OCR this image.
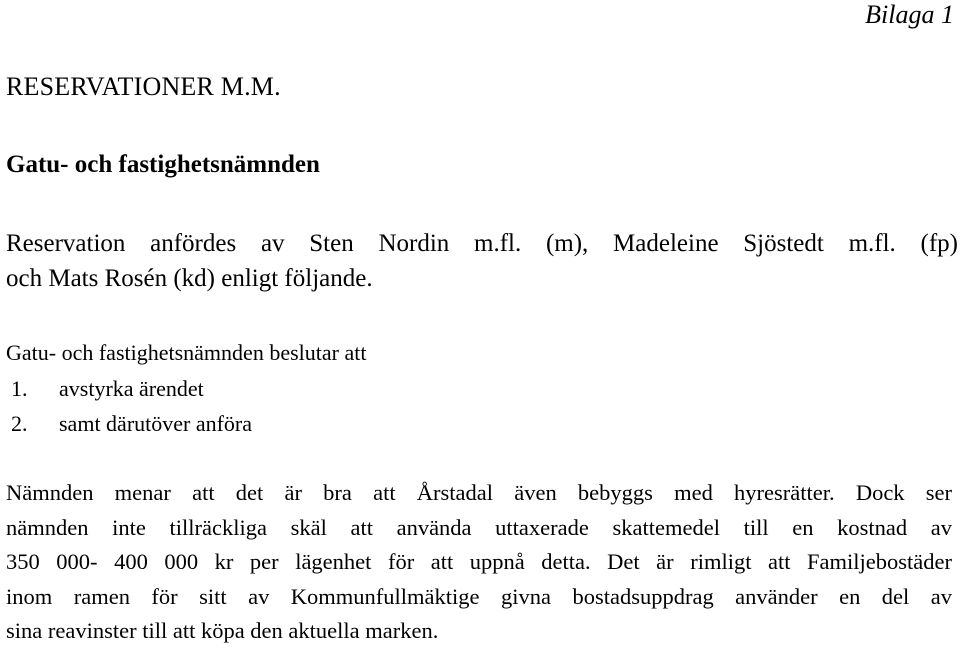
Bilaga 1
RESERVATIONER M.M.
Gatu- och fastighetsnämnden
Reservation anfördes av Sten Nordin m.fl. (m), Madeleine Sjöstedt m.fl. (fp)
och Mats Rosén (kd) enligt följande.
Gatu- och fastighetsnämnden beslutar att
1.	avstyrka ärendet
2.	samt därutöver anföra
Nämnden menar att det är bra att Årstadal även bebyggs med hyresrätter. Dock ser
nämnden inte tillräckliga skäl att använda uttaxerade skattemedel till en kostnad av
350 000- 400 000 kr per lägenhet för att uppnå detta. Det är rimligt att Familjebostäder
inom ramen för sitt av Kommunfullmäktige givna bostadsuppdrag använder en del av
sina reavinster till att köpa den aktuella marken.
